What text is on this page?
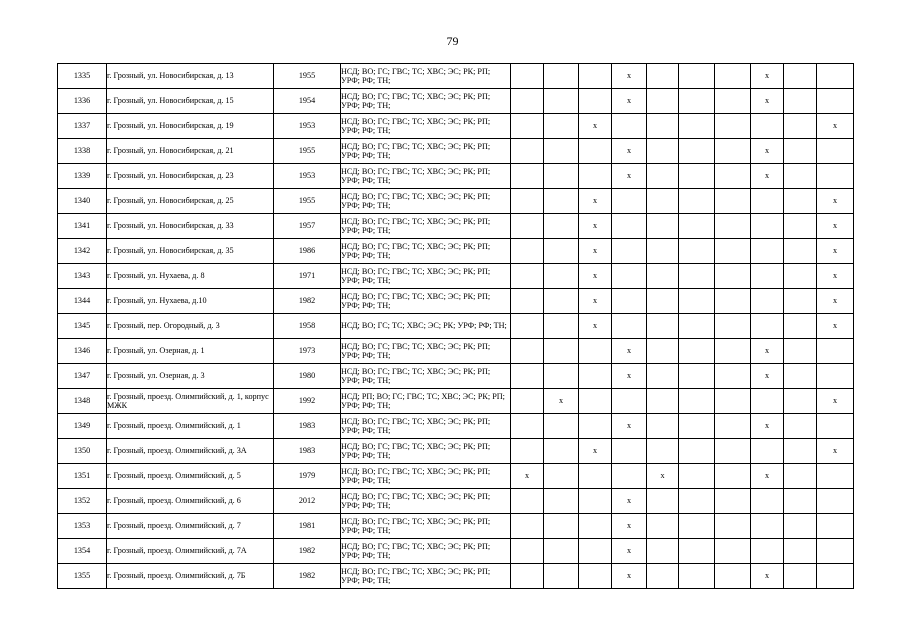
79
1335	г. Грозный, ул. Новосибирская, д. 13	1955	НСД; ВО; ГС; ГВС; ТС; ХВС; ЭС; РК; РП; УРФ; РФ; ТН;				x				x		
1336	г. Грозный, ул. Новосибирская, д. 15	1954	НСД; ВО; ГС; ГВС; ТС; ХВС; ЭС; РК; РП; УРФ; РФ; ТН;				x				x		
1337	г. Грозный, ул. Новосибирская, д. 19	1953	НСД; ВО; ГС; ГВС; ТС; ХВС; ЭС; РК; РП; УРФ; РФ; ТН;			x							x
1338	г. Грозный, ул. Новосибирская, д. 21	1955	НСД; ВО; ГС; ГВС; ТС; ХВС; ЭС; РК; РП; УРФ; РФ; ТН;				x				x		
1339	г. Грозный, ул. Новосибирская, д. 23	1953	НСД; ВО; ГС; ГВС; ТС; ХВС; ЭС; РК; РП; УРФ; РФ; ТН;				x				x		
1340	г. Грозный, ул. Новосибирская, д. 25	1955	НСД; ВО; ГС; ГВС; ТС; ХВС; ЭС; РК; РП; УРФ; РФ; ТН;			x							x
1341	г. Грозный, ул. Новосибирская, д. 33	1957	НСД; ВО; ГС; ГВС; ТС; ХВС; ЭС; РК; РП; УРФ; РФ; ТН;			x							x
1342	г. Грозный, ул. Новосибирская, д. 35	1986	НСД; ВО; ГС; ГВС; ТС; ХВС; ЭС; РК; РП; УРФ; РФ; ТН;			x							x
1343	г. Грозный, ул. Нухаева, д. 8	1971	НСД; ВО; ГС; ГВС; ТС; ХВС; ЭС; РК; РП; УРФ; РФ; ТН;			x							x
1344	г. Грозный, ул. Нухаева, д.10	1982	НСД; ВО; ГС; ГВС; ТС; ХВС; ЭС; РК; РП; УРФ; РФ; ТН;			x							x
1345	г. Грозный, пер. Огородный, д. 3	1958	НСД; ВО; ГС; ТС; ХВС; ЭС; РК; УРФ; РФ; ТН;			x							x
1346	г. Грозный, ул. Озерная, д. 1	1973	НСД; ВО; ГС; ГВС; ТС; ХВС; ЭС; РК; РП; УРФ; РФ; ТН;				x				x		
1347	г. Грозный, ул. Озерная, д. 3	1980	НСД; ВО; ГС; ГВС; ТС; ХВС; ЭС; РК; РП; УРФ; РФ; ТН;				x				x		
1348	г. Грозный, проезд. Олимпийский, д. 1, корпус МЖК	1992	НСД; РП; ВО; ГС; ГВС; ТС; ХВС; ЭС; РК; РП; УРФ; РФ; ТН;		x								x
1349	г. Грозный, проезд. Олимпийский, д. 1	1983	НСД; ВО; ГС; ГВС; ТС; ХВС; ЭС; РК; РП; УРФ; РФ; ТН;				x				x		
1350	г. Грозный, проезд. Олимпийский, д. 3А	1983	НСД; ВО; ГС; ГВС; ТС; ХВС; ЭС; РК; РП; УРФ; РФ; ТН;			x							x
1351	г. Грозный, проезд. Олимпийский, д. 5	1979	НСД; ВО; ГС; ГВС; ТС; ХВС; ЭС; РК; РП; УРФ; РФ; ТН;	x				x			x		
1352	г. Грозный, проезд. Олимпийский, д. 6	2012	НСД; ВО; ГС; ГВС; ТС; ХВС; ЭС; РК; РП; УРФ; РФ; ТН;				x						
1353	г. Грозный, проезд. Олимпийский, д. 7	1981	НСД; ВО; ГС; ГВС; ТС; ХВС; ЭС; РК; РП; УРФ; РФ; ТН;				x						
1354	г. Грозный, проезд. Олимпийский, д. 7А	1982	НСД; ВО; ГС; ГВС; ТС; ХВС; ЭС; РК; РП; УРФ; РФ; ТН;				x						
1355	г. Грозный, проезд. Олимпийский, д. 7Б	1982	НСД; ВО; ГС; ГВС; ТС; ХВС; ЭС; РК; РП; УРФ; РФ; ТН;				x				x		
